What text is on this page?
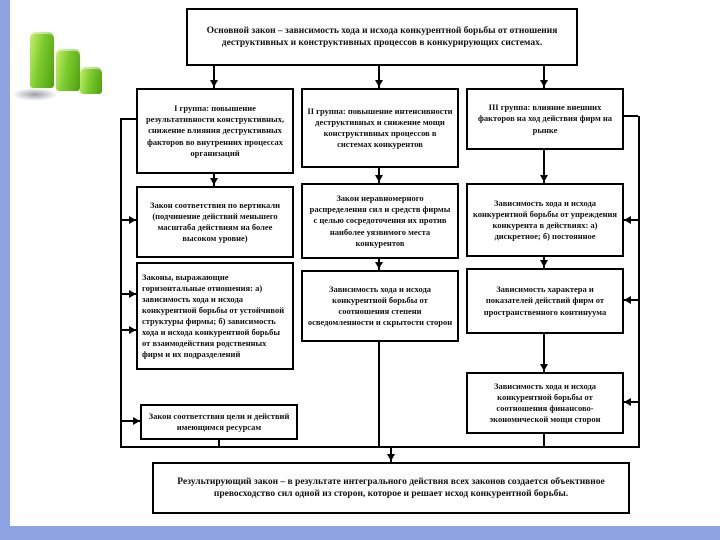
Основной закон – зависимость хода и исхода конкурентной борьбы от отношения деструктивных и конструктивных процессов в конкурирующих системах.
I группа: повышение результативности конструктивных, снижение влияния деструктивных факторов во внутренних процессах организаций
II группа: повышение интенсивности деструктивных и снижение мощи конструктивных процессов в системах конкурентов
III группа: влияние внешних факторов на ход действия фирм на рынке
Закон соответствия по вертикали (подчинение действий меньшего масштаба действиям на более высоком уровне)
Закон неравномерного распределения сил и средств фирмы с целью сосредоточения их против наиболее уязвимого места конкурентов
Зависимость хода и исхода конкурентной борьбы от упреждения конкурента в действиях: а) дискретное; б) постоянное
Законы, выражающие горизонтальные отношения: а) зависимость хода и исхода конкурентной борьбы от устойчивой структуры фирмы; б) зависимость хода и исхода конкурентной борьбы от взаимодействия родственных фирм и их подразделений
Зависимость хода и исхода конкурентной борьбы от соотношения степени осведомленности и скрытости сторон
Зависимость характера и показателей действий фирм от пространственного континуума
Зависимость хода и исхода конкурентной борьбы от соотношения финансово-экономической мощи сторон
Закон соответствия цели и действий имеющимся ресурсам
Результирующий закон – в результате интегрального действия всех законов создается объективное превосходство сил одной из сторон, которое и решает исход конкурентной борьбы.
